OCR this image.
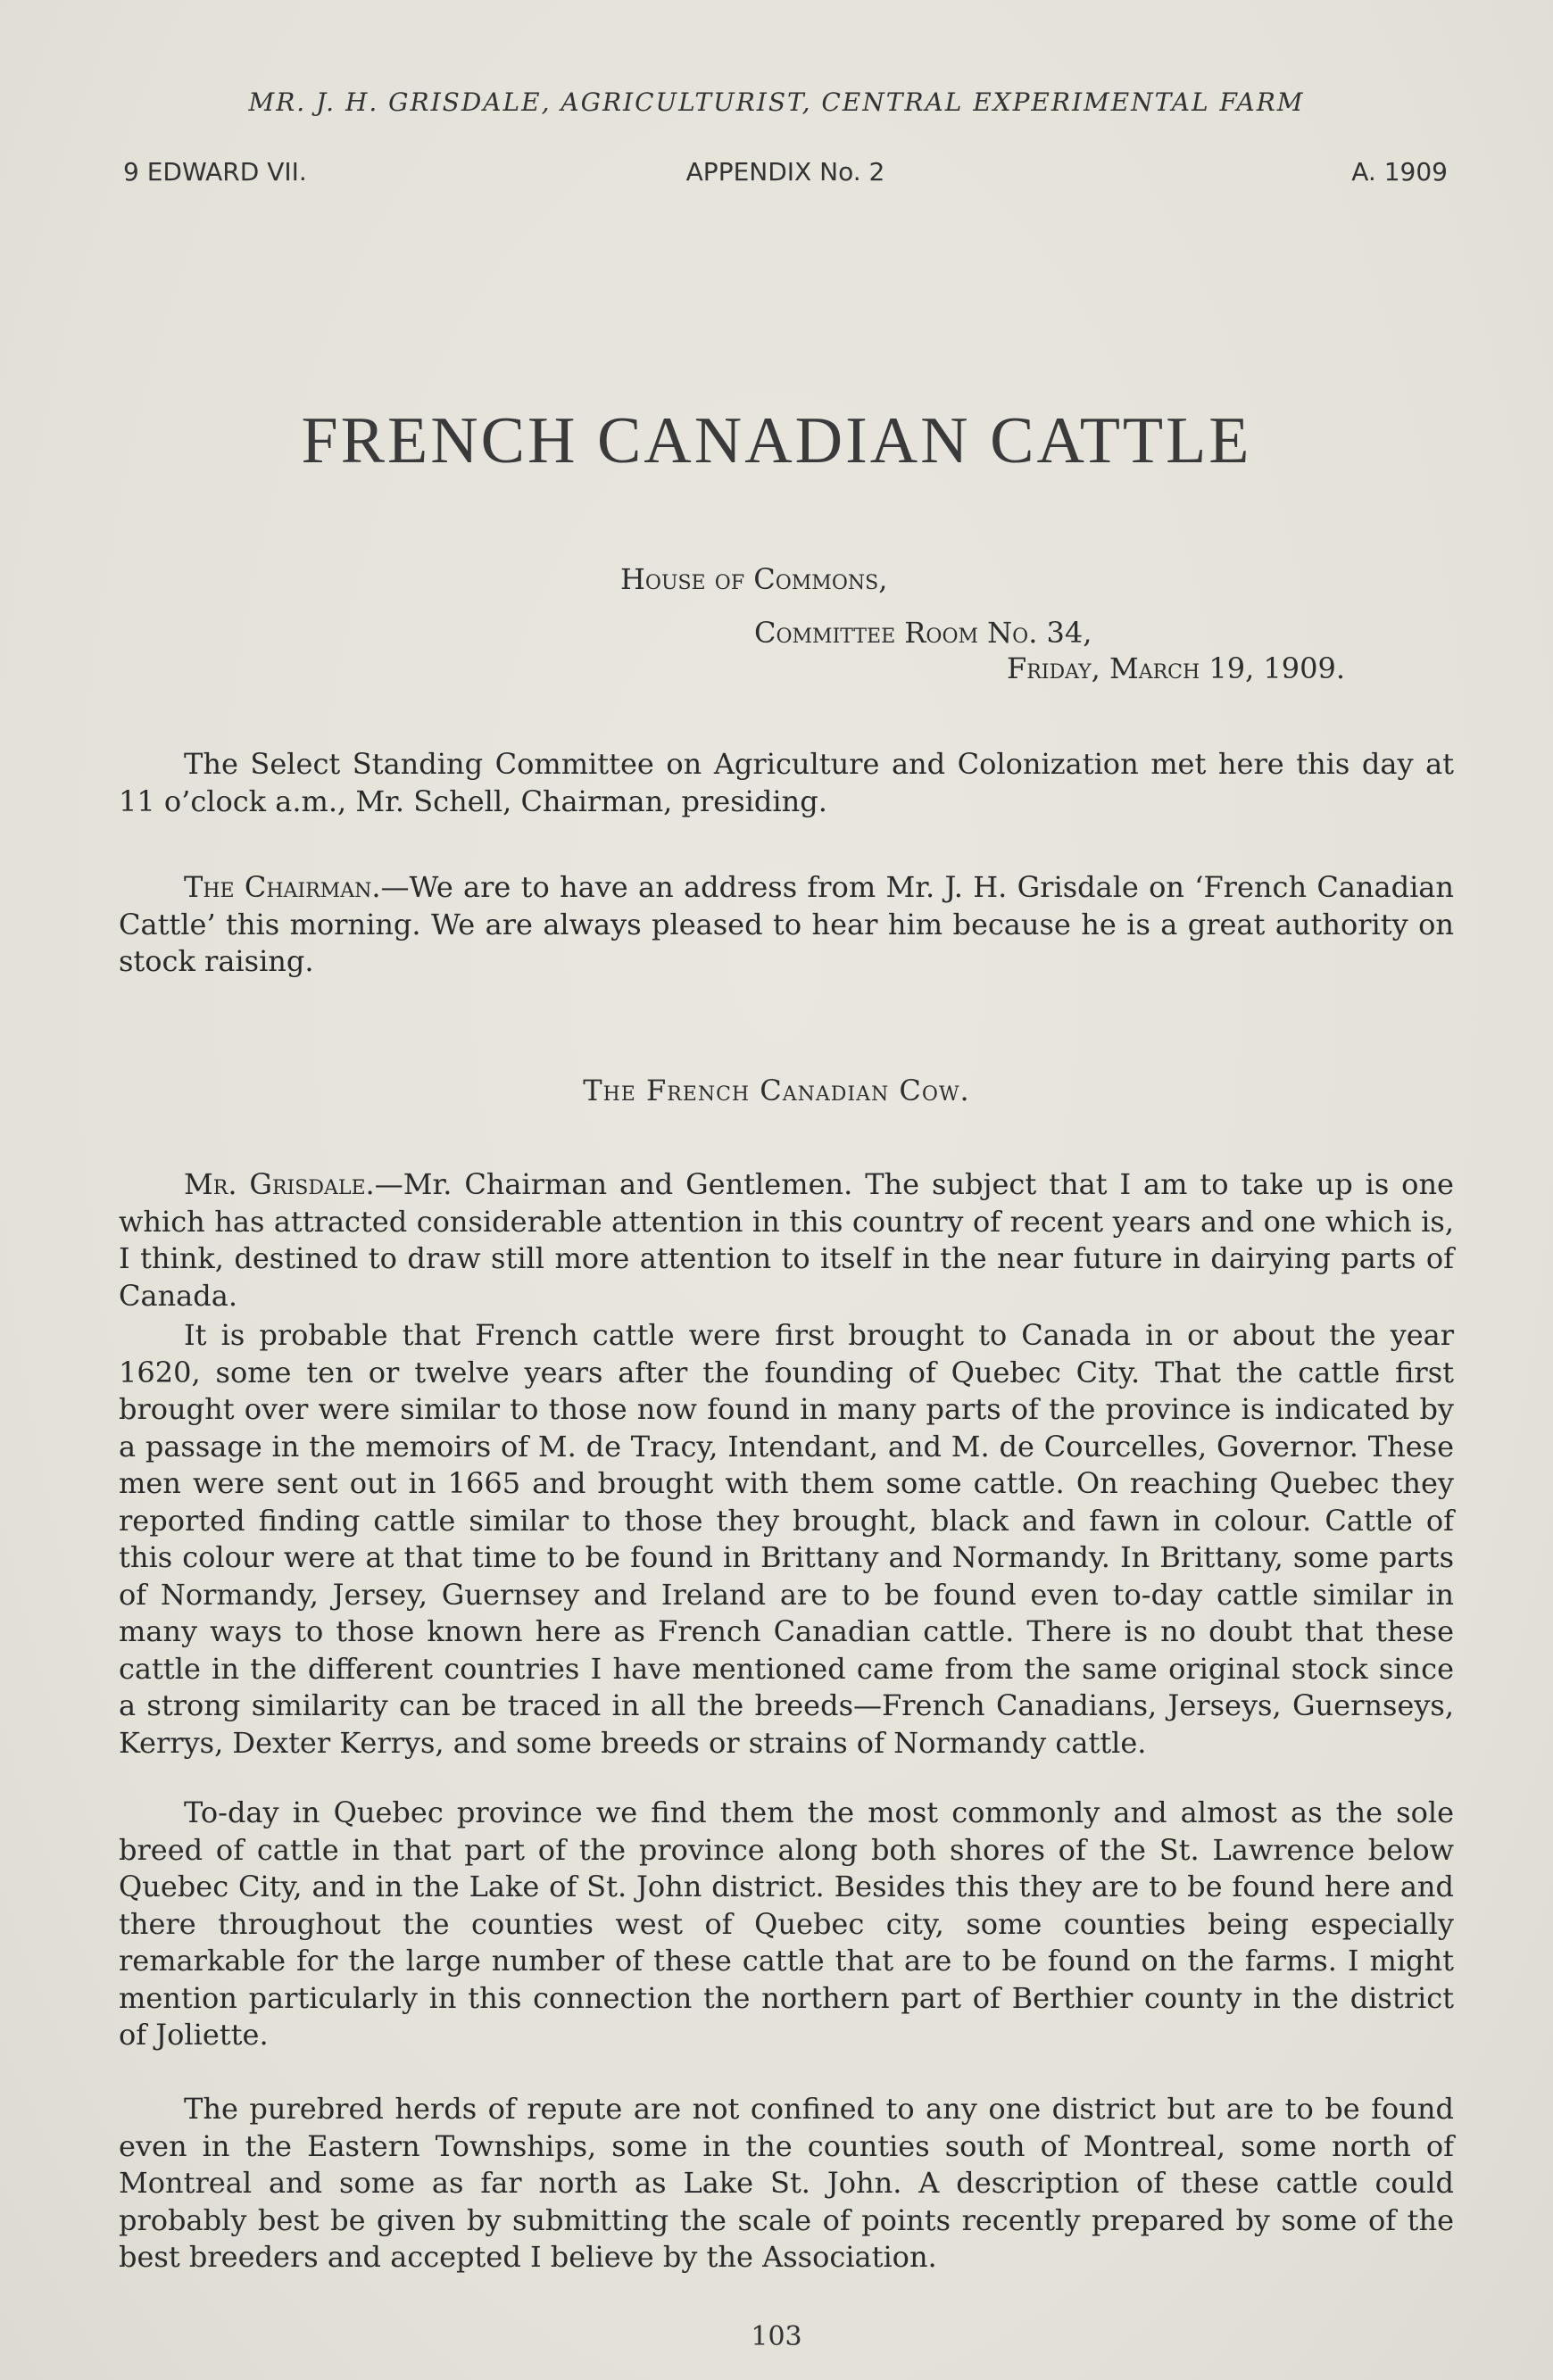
MR. J. H. GRISDALE, AGRICULTURIST, CENTRAL EXPERIMENTAL FARM
9 EDWARD VII.	APPENDIX No. 2	A. 1909
FRENCH CANADIAN CATTLE
House of Commons,
Committee Room No. 34,
Friday, March 19, 1909.

The Select Standing Committee on Agriculture and Colonization met here this day at 11 o’clock a.m., Mr. Schell, Chairman, presiding.

The Chairman.—We are to have an address from Mr. J. H. Grisdale on ‘French Canadian Cattle’ this morning. We are always pleased to hear him because he is a great authority on stock raising.

The French Canadian Cow.

Mr. Grisdale.—Mr. Chairman and Gentlemen. The subject that I am to take up is one which has attracted considerable attention in this country of recent years and one which is, I think, destined to draw still more attention to itself in the near future in dairying parts of Canada.

It is probable that French cattle were first brought to Canada in or about the year 1620, some ten or twelve years after the founding of Quebec City. That the cattle first brought over were similar to those now found in many parts of the province is indicated by a passage in the memoirs of M. de Tracy, Intendant, and M. de Courcelles, Governor. These men were sent out in 1665 and brought with them some cattle. On reaching Quebec they reported finding cattle similar to those they brought, black and fawn in colour. Cattle of this colour were at that time to be found in Brittany and Normandy. In Brittany, some parts of Normandy, Jersey, Guernsey and Ireland are to be found even to-day cattle similar in many ways to those known here as French Canadian cattle. There is no doubt that these cattle in the different countries I have mentioned came from the same original stock since a strong similarity can be traced in all the breeds—French Canadians, Jerseys, Guernseys, Kerrys, Dexter Kerrys, and some breeds or strains of Normandy cattle.

To-day in Quebec province we find them the most commonly and almost as the sole breed of cattle in that part of the province along both shores of the St. Lawrence below Quebec City, and in the Lake of St. John district. Besides this they are to be found here and there throughout the counties west of Quebec city, some counties being especially remarkable for the large number of these cattle that are to be found on the farms. I might mention particularly in this connection the northern part of Berthier county in the district of Joliette.

The purebred herds of repute are not confined to any one district but are to be found even in the Eastern Townships, some in the counties south of Montreal, some north of Montreal and some as far north as Lake St. John. A description of these cattle could probably best be given by submitting the scale of points recently prepared by some of the best breeders and accepted I believe by the Association.

103
